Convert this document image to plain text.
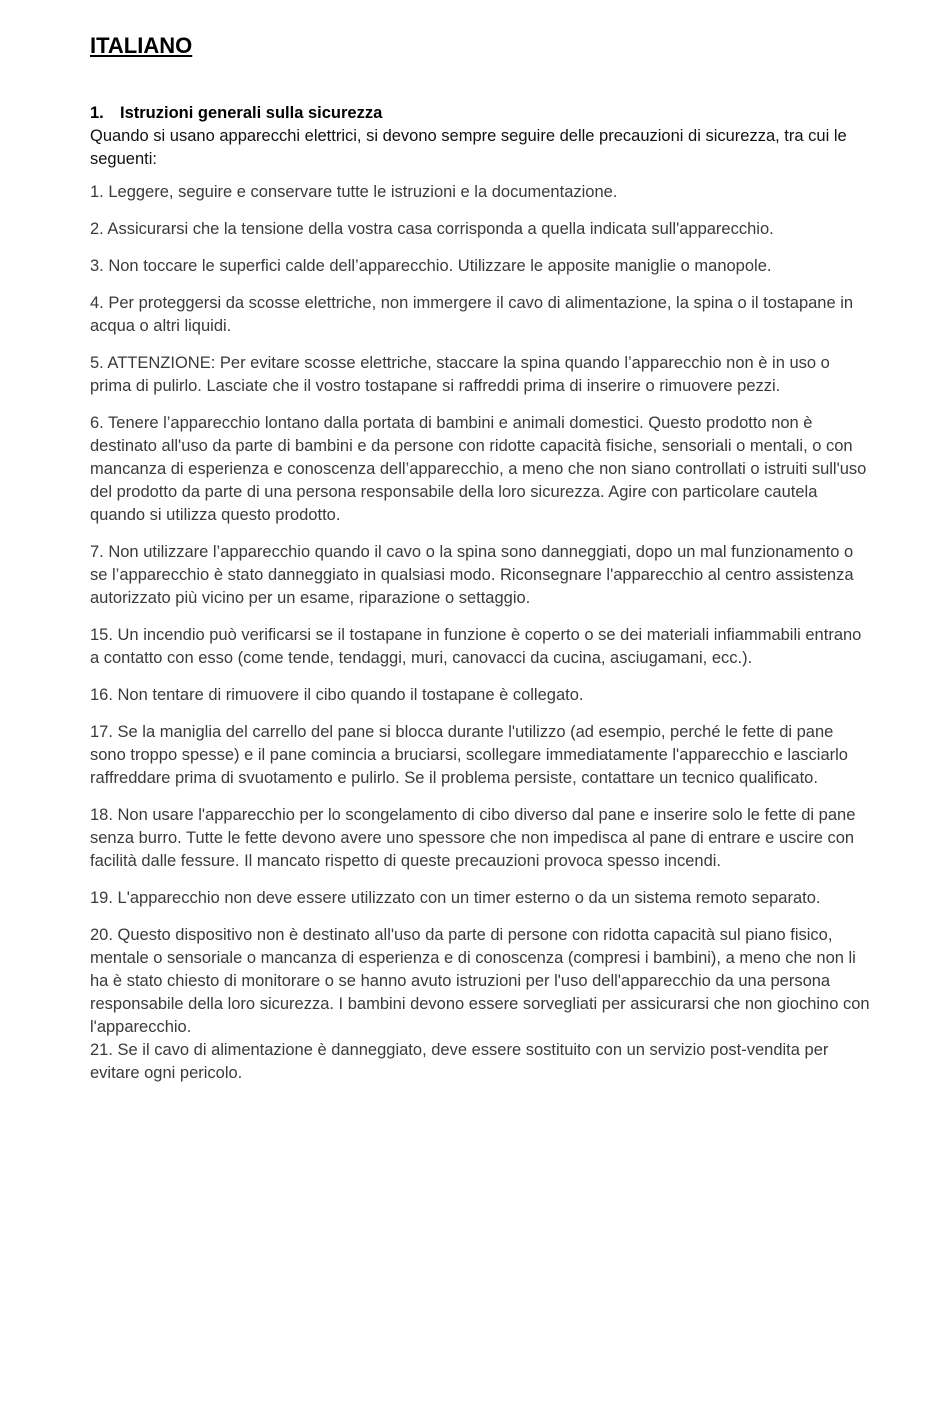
ITALIANO

1. Istruzioni generali sulla sicurezza

Quando si usano apparecchi elettrici, si devono sempre seguire delle precauzioni di sicurezza, tra cui le seguenti:

1. Leggere, seguire e conservare tutte le istruzioni e la documentazione.

2. Assicurarsi che la tensione della vostra casa corrisponda a quella indicata sull'apparecchio.

3. Non toccare le superfici calde dell’apparecchio. Utilizzare le apposite maniglie o manopole.

4. Per proteggersi da scosse elettriche, non immergere il cavo di alimentazione, la spina o il tostapane in acqua o altri liquidi.

5. ATTENZIONE: Per evitare scosse elettriche, staccare la spina quando l’apparecchio non è in uso o prima di pulirlo. Lasciate che il vostro tostapane si raffreddi prima di inserire o rimuovere pezzi.

6. Tenere l’apparecchio lontano dalla portata di bambini e animali domestici. Questo prodotto non è destinato all'uso da parte di bambini e da persone con ridotte capacità fisiche, sensoriali o mentali, o con mancanza di esperienza e conoscenza dell’apparecchio, a meno che non siano controllati o istruiti sull'uso del prodotto da parte di una persona responsabile della loro sicurezza. Agire con particolare cautela quando si utilizza questo prodotto.

7. Non utilizzare l’apparecchio quando il cavo o la spina sono danneggiati, dopo un mal funzionamento o se l’apparecchio è stato danneggiato in qualsiasi modo. Riconsegnare l'apparecchio al centro assistenza autorizzato più vicino per un esame, riparazione o settaggio.

15. Un incendio può verificarsi se il tostapane in funzione è coperto o se dei materiali infiammabili entrano a contatto con esso (come tende, tendaggi, muri, canovacci da cucina, asciugamani, ecc.).

16. Non tentare di rimuovere il cibo quando il tostapane è collegato.

17. Se la maniglia del carrello del pane si blocca durante l'utilizzo (ad esempio, perché le fette di pane sono troppo spesse) e il pane comincia a bruciarsi, scollegare immediatamente l'apparecchio e lasciarlo raffreddare prima di svuotamento e pulirlo. Se il problema persiste, contattare un tecnico qualificato.

18. Non usare l'apparecchio per lo scongelamento di cibo diverso dal pane e inserire solo le fette di pane senza burro. Tutte le fette devono avere uno spessore che non impedisca al pane di entrare e uscire con facilità dalle fessure. Il mancato rispetto di queste precauzioni provoca spesso incendi.

19. L'apparecchio non deve essere utilizzato con un timer esterno o da un sistema remoto separato.

20. Questo dispositivo non è destinato all'uso da parte di persone con ridotta capacità sul piano fisico, mentale o sensoriale o mancanza di esperienza e di conoscenza (compresi i bambini), a meno che non li ha è stato chiesto di monitorare o se hanno avuto istruzioni per l'uso dell'apparecchio da una persona responsabile della loro sicurezza. I bambini devono essere sorvegliati per assicurarsi che non giochino con l'apparecchio.

21. Se il cavo di alimentazione è danneggiato, deve essere sostituito con un servizio post-vendita per evitare ogni pericolo.
